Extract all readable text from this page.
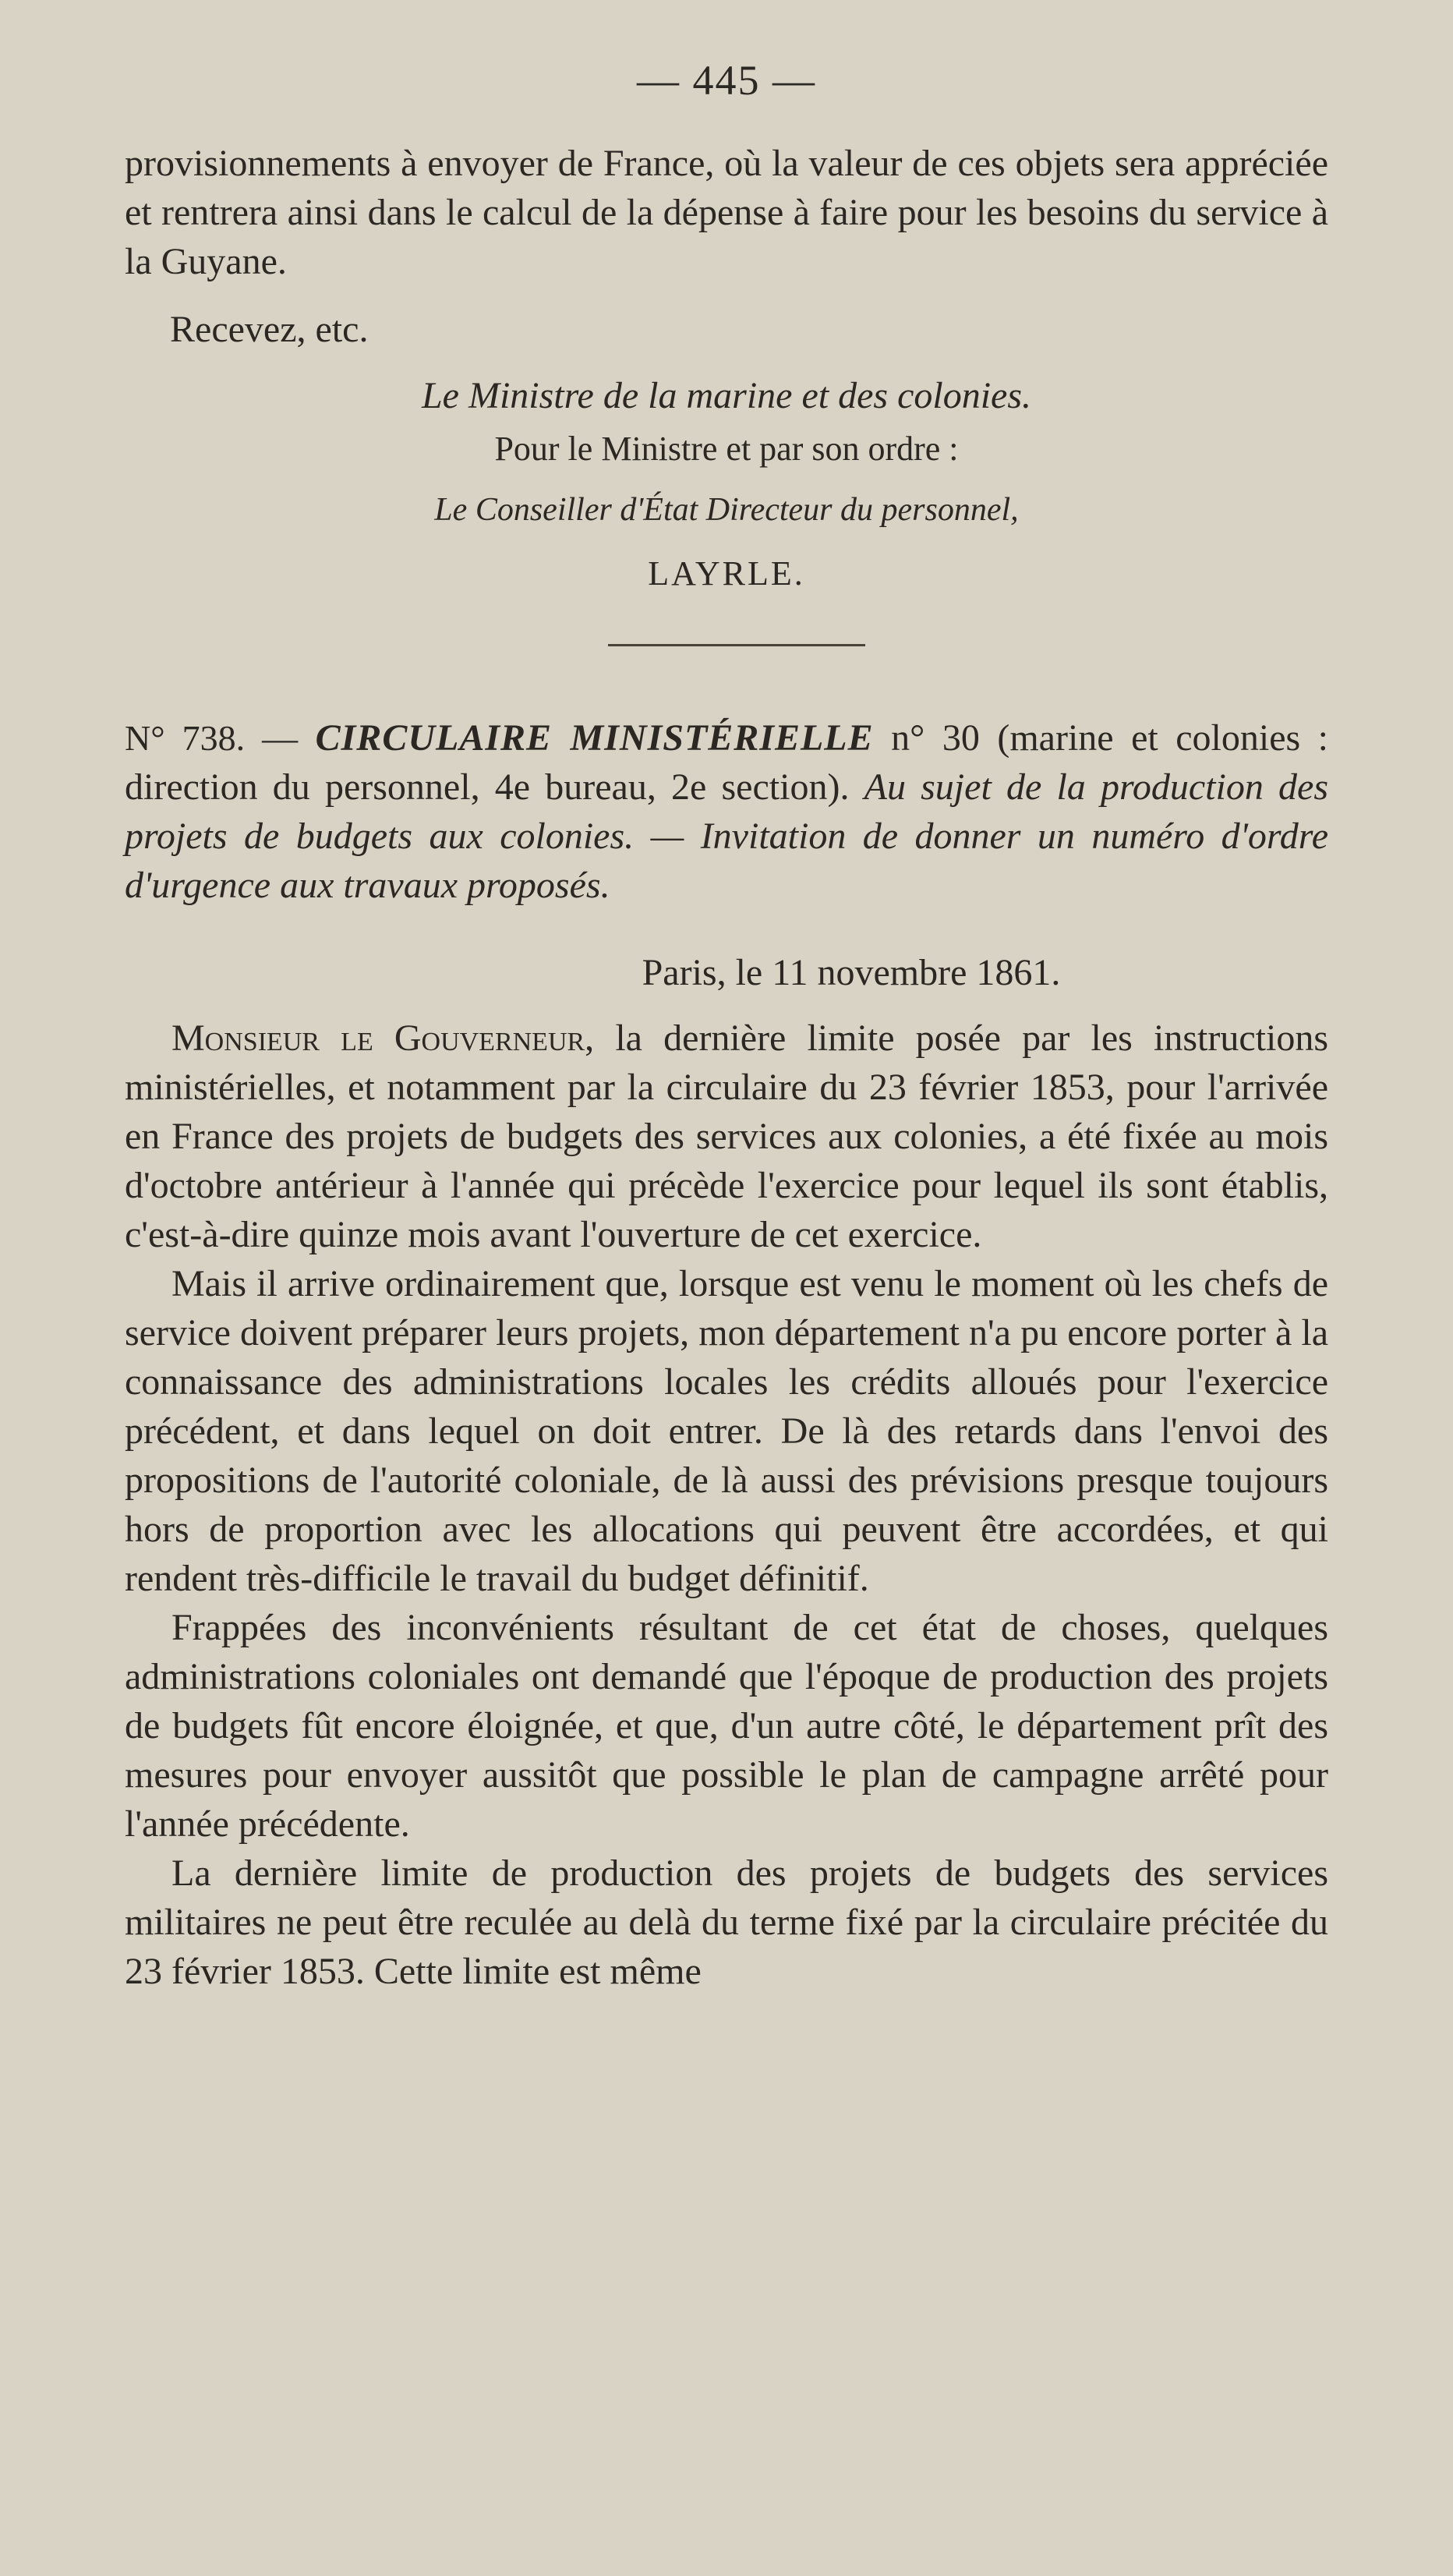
— 445 —

provisionnements à envoyer de France, où la valeur de ces objets sera appréciée et rentrera ainsi dans le calcul de la dépense à faire pour les besoins du service à la Guyane.

Recevez, etc.
Le Ministre de la marine et des colonies.
Pour le Ministre et par son ordre :
Le Conseiller d'État Directeur du personnel,
LAYRLE.
N° 738. — CIRCULAIRE MINISTÉRIELLE n° 30 (marine et colonies : direction du personnel, 4e bureau, 2e section). Au sujet de la production des projets de budgets aux colonies. — Invitation de donner un numéro d'ordre d'urgence aux travaux proposés.
Paris, le 11 novembre 1861.

Monsieur le Gouverneur, la dernière limite posée par les instructions ministérielles, et notamment par la circulaire du 23 février 1853, pour l'arrivée en France des projets de budgets des services aux colonies, a été fixée au mois d'octobre antérieur à l'année qui précède l'exercice pour lequel ils sont établis, c'est-à-dire quinze mois avant l'ouverture de cet exercice.

Mais il arrive ordinairement que, lorsque est venu le moment où les chefs de service doivent préparer leurs projets, mon département n'a pu encore porter à la connaissance des administrations locales les crédits alloués pour l'exercice précédent, et dans lequel on doit entrer. De là des retards dans l'envoi des propositions de l'autorité coloniale, de là aussi des prévisions presque toujours hors de proportion avec les allocations qui peuvent être accordées, et qui rendent très-difficile le travail du budget définitif.

Frappées des inconvénients résultant de cet état de choses, quelques administrations coloniales ont demandé que l'époque de production des projets de budgets fût encore éloignée, et que, d'un autre côté, le département prît des mesures pour envoyer aussitôt que possible le plan de campagne arrêté pour l'année précédente.

La dernière limite de production des projets de budgets des services militaires ne peut être reculée au delà du terme fixé par la circulaire précitée du 23 février 1853. Cette limite est même
